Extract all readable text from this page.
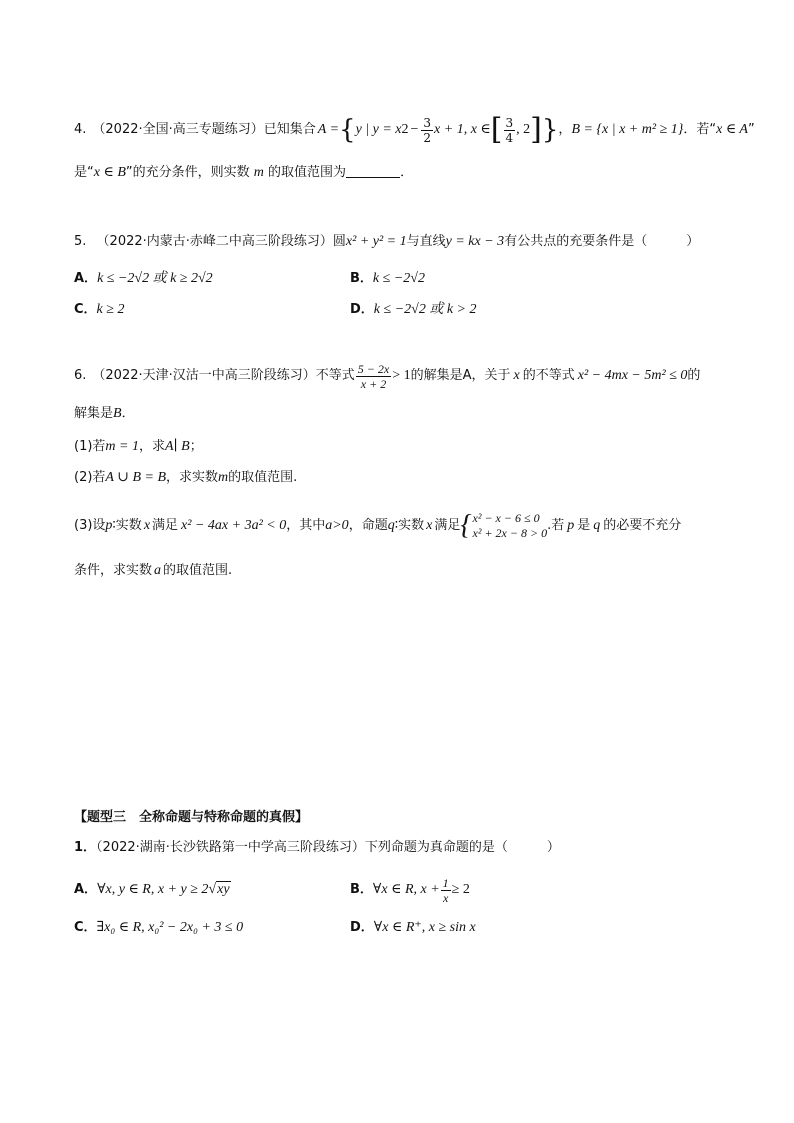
4. （2022·全国·高三专题练习）已知集合 A = { y | y = x $2 - \frac{3}{2}$ x + 1, x ∈ [ $\frac{3}{4}$ , 2 ] } ， B = {x | x + m² ≥ 1} ．若“ x ∈ A ”
是“x ∈ B”的充分条件，则实数 m 的取值范围为	．
5. （2022·内蒙古·赤峰二中高三阶段练习）圆x² + y² = 1与直线y = kx − 3有公共点的充要条件是（　　　）
A．k ≤ −2√2 或 k ≥ 2√2	B．k ≤ −2√2
C．k ≥ 2	D．k ≤ −2√2 或 k > 2
6. （2022·天津·汉沽一中高三阶段练习）不等式 $\frac{5 - 2x}{x + 2} > 1$ 的解集是A，关于 x 的不等式 x² − 4mx − 5m² ≤ 0 的
解集是B．
(1)若m = 1，求A∣ B；
(2)若A ∪ B = B，求实数m的取值范围.
(3)设 p ∶实数 x 满足 x² − 4ax + 3a² < 0 ，其中 a>0 ，命题 q ∶实数 x 满足 { x² − x − 6 ≤ 0
x² + 2x − 8 > 0 .若 p 是 q 的必要不充分
条件，求实数 a 的取值范围.
【题型三　全称命题与特称命题的真假】
1．（2022·湖南·长沙铁路第一中学高三阶段练习）下列命题为真命题的是（　　　）
A．∀x, y ∈ R, x + y ≥ 2√xy	B． ∀x ∈ R, $x + \frac{1}{x} \ge 2$
C．∃x₀ ∈ R, x₀² − 2x₀ + 3 ≤ 0	D．∀x ∈ R⁺, x ≥ sin x
